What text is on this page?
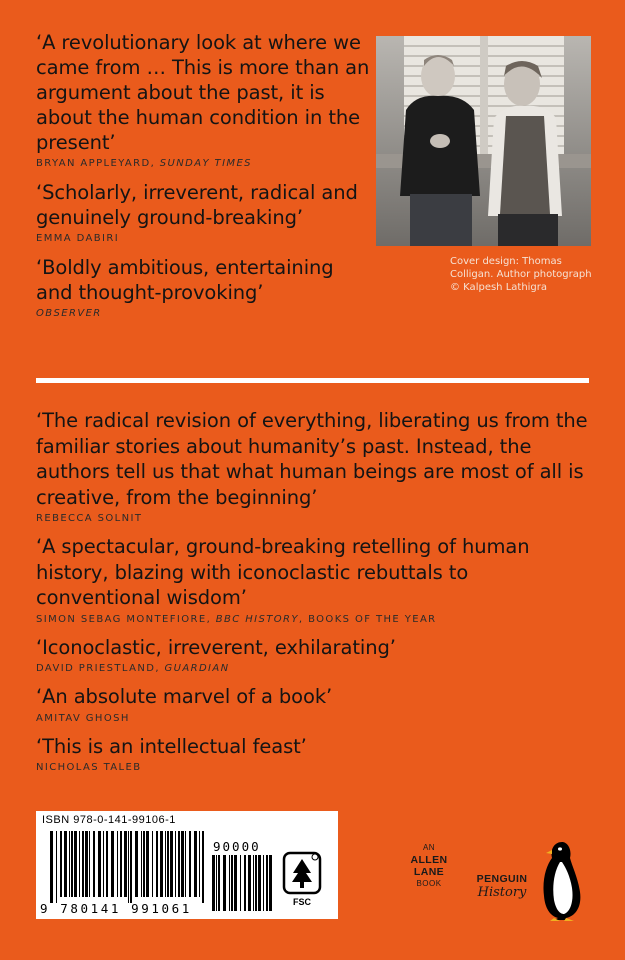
‘A revolutionary look at where we came from … This is more than an argument about the past, it is about the human condition in the present’

BRYAN APPLEYARD, SUNDAY TIMES

‘Scholarly, irreverent, radical and genuinely ground-breaking’

EMMA DABIRI

‘Boldly ambitious, entertaining and thought-provoking’

OBSERVER

Cover design: Thomas Colligan. Author photograph © Kalpesh Lathigra

‘The radical revision of everything, liberating us from the familiar stories about humanity’s past. Instead, the authors tell us that what human beings are most of all is creative, from the beginning’

REBECCA SOLNIT

‘A spectacular, ground-breaking retelling of human history, blazing with iconoclastic rebuttals to conventional wisdom’

SIMON SEBAG MONTEFIORE, BBC HISTORY, BOOKS OF THE YEAR

‘Iconoclastic, irreverent, exhilarating’

DAVID PRIESTLAND, GUARDIAN

‘An absolute marvel of a book’

AMITAV GHOSH

‘This is an intellectual feast’

NICHOLAS TALEB

ISBN 978-0-141-99106-1
9 780141 991061
90000
FSC
AN
ALLEN
LANE
BOOK	PENGUIN
History
